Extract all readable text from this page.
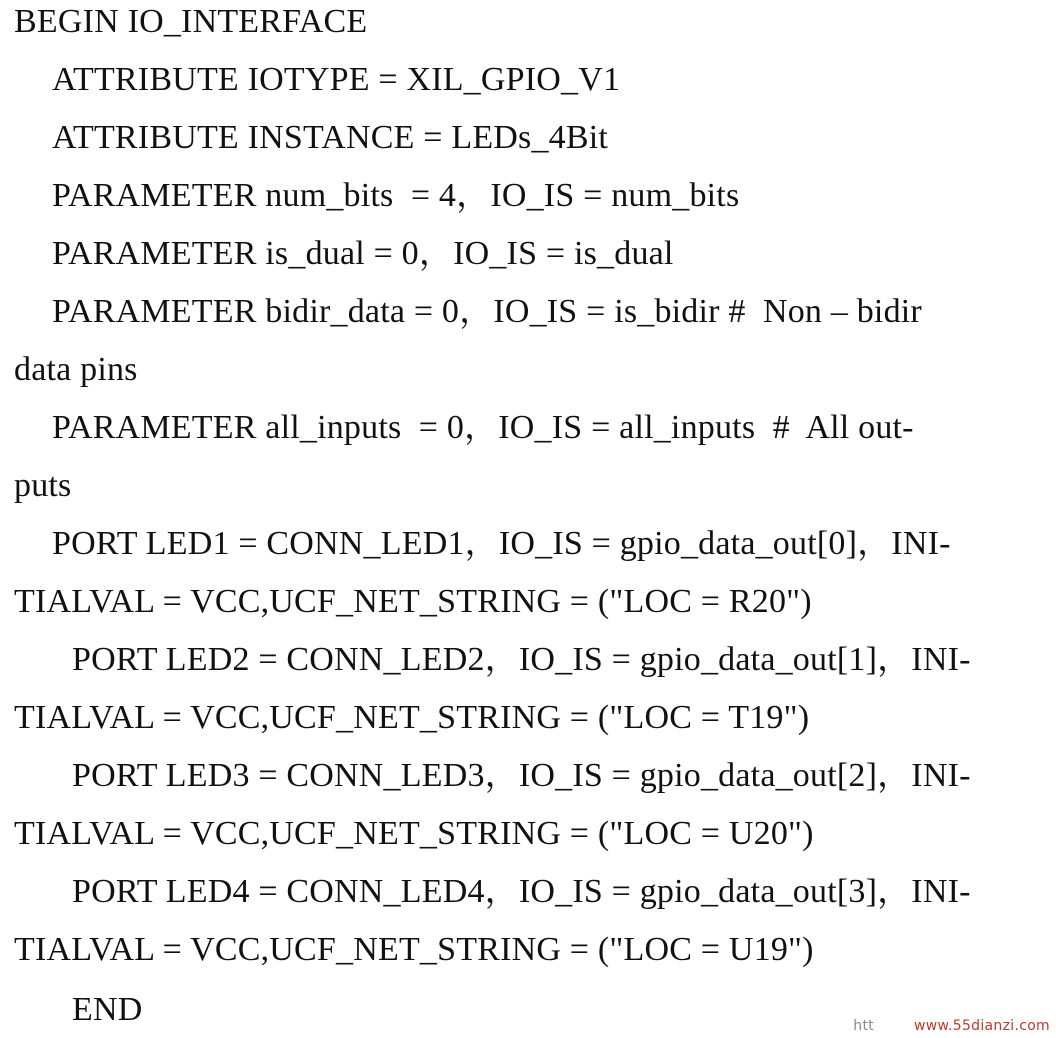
BEGIN IO_INTERFACE
ATTRIBUTE IOTYPE = XIL_GPIO_V1
ATTRIBUTE INSTANCE = LEDs_4Bit
PARAMETER num_bits  = 4，IO_IS = num_bits
PARAMETER is_dual = 0，IO_IS = is_dual
PARAMETER bidir_data = 0，IO_IS = is_bidir #  Non – bidir
data pins
PARAMETER all_inputs  = 0，IO_IS = all_inputs  #  All out-
puts
PORT LED1 = CONN_LED1，IO_IS = gpio_data_out[0]，INI-
TIALVAL = VCC,UCF_NET_STRING = ("LOC = R20")
PORT LED2 = CONN_LED2，IO_IS = gpio_data_out[1]，INI-
TIALVAL = VCC,UCF_NET_STRING = ("LOC = T19")
PORT LED3 = CONN_LED3，IO_IS = gpio_data_out[2]，INI-
TIALVAL = VCC,UCF_NET_STRING = ("LOC = U20")
PORT LED4 = CONN_LED4，IO_IS = gpio_data_out[3]，INI-
TIALVAL = VCC,UCF_NET_STRING = ("LOC = U19")
END	htt	www.55dianzi.com
